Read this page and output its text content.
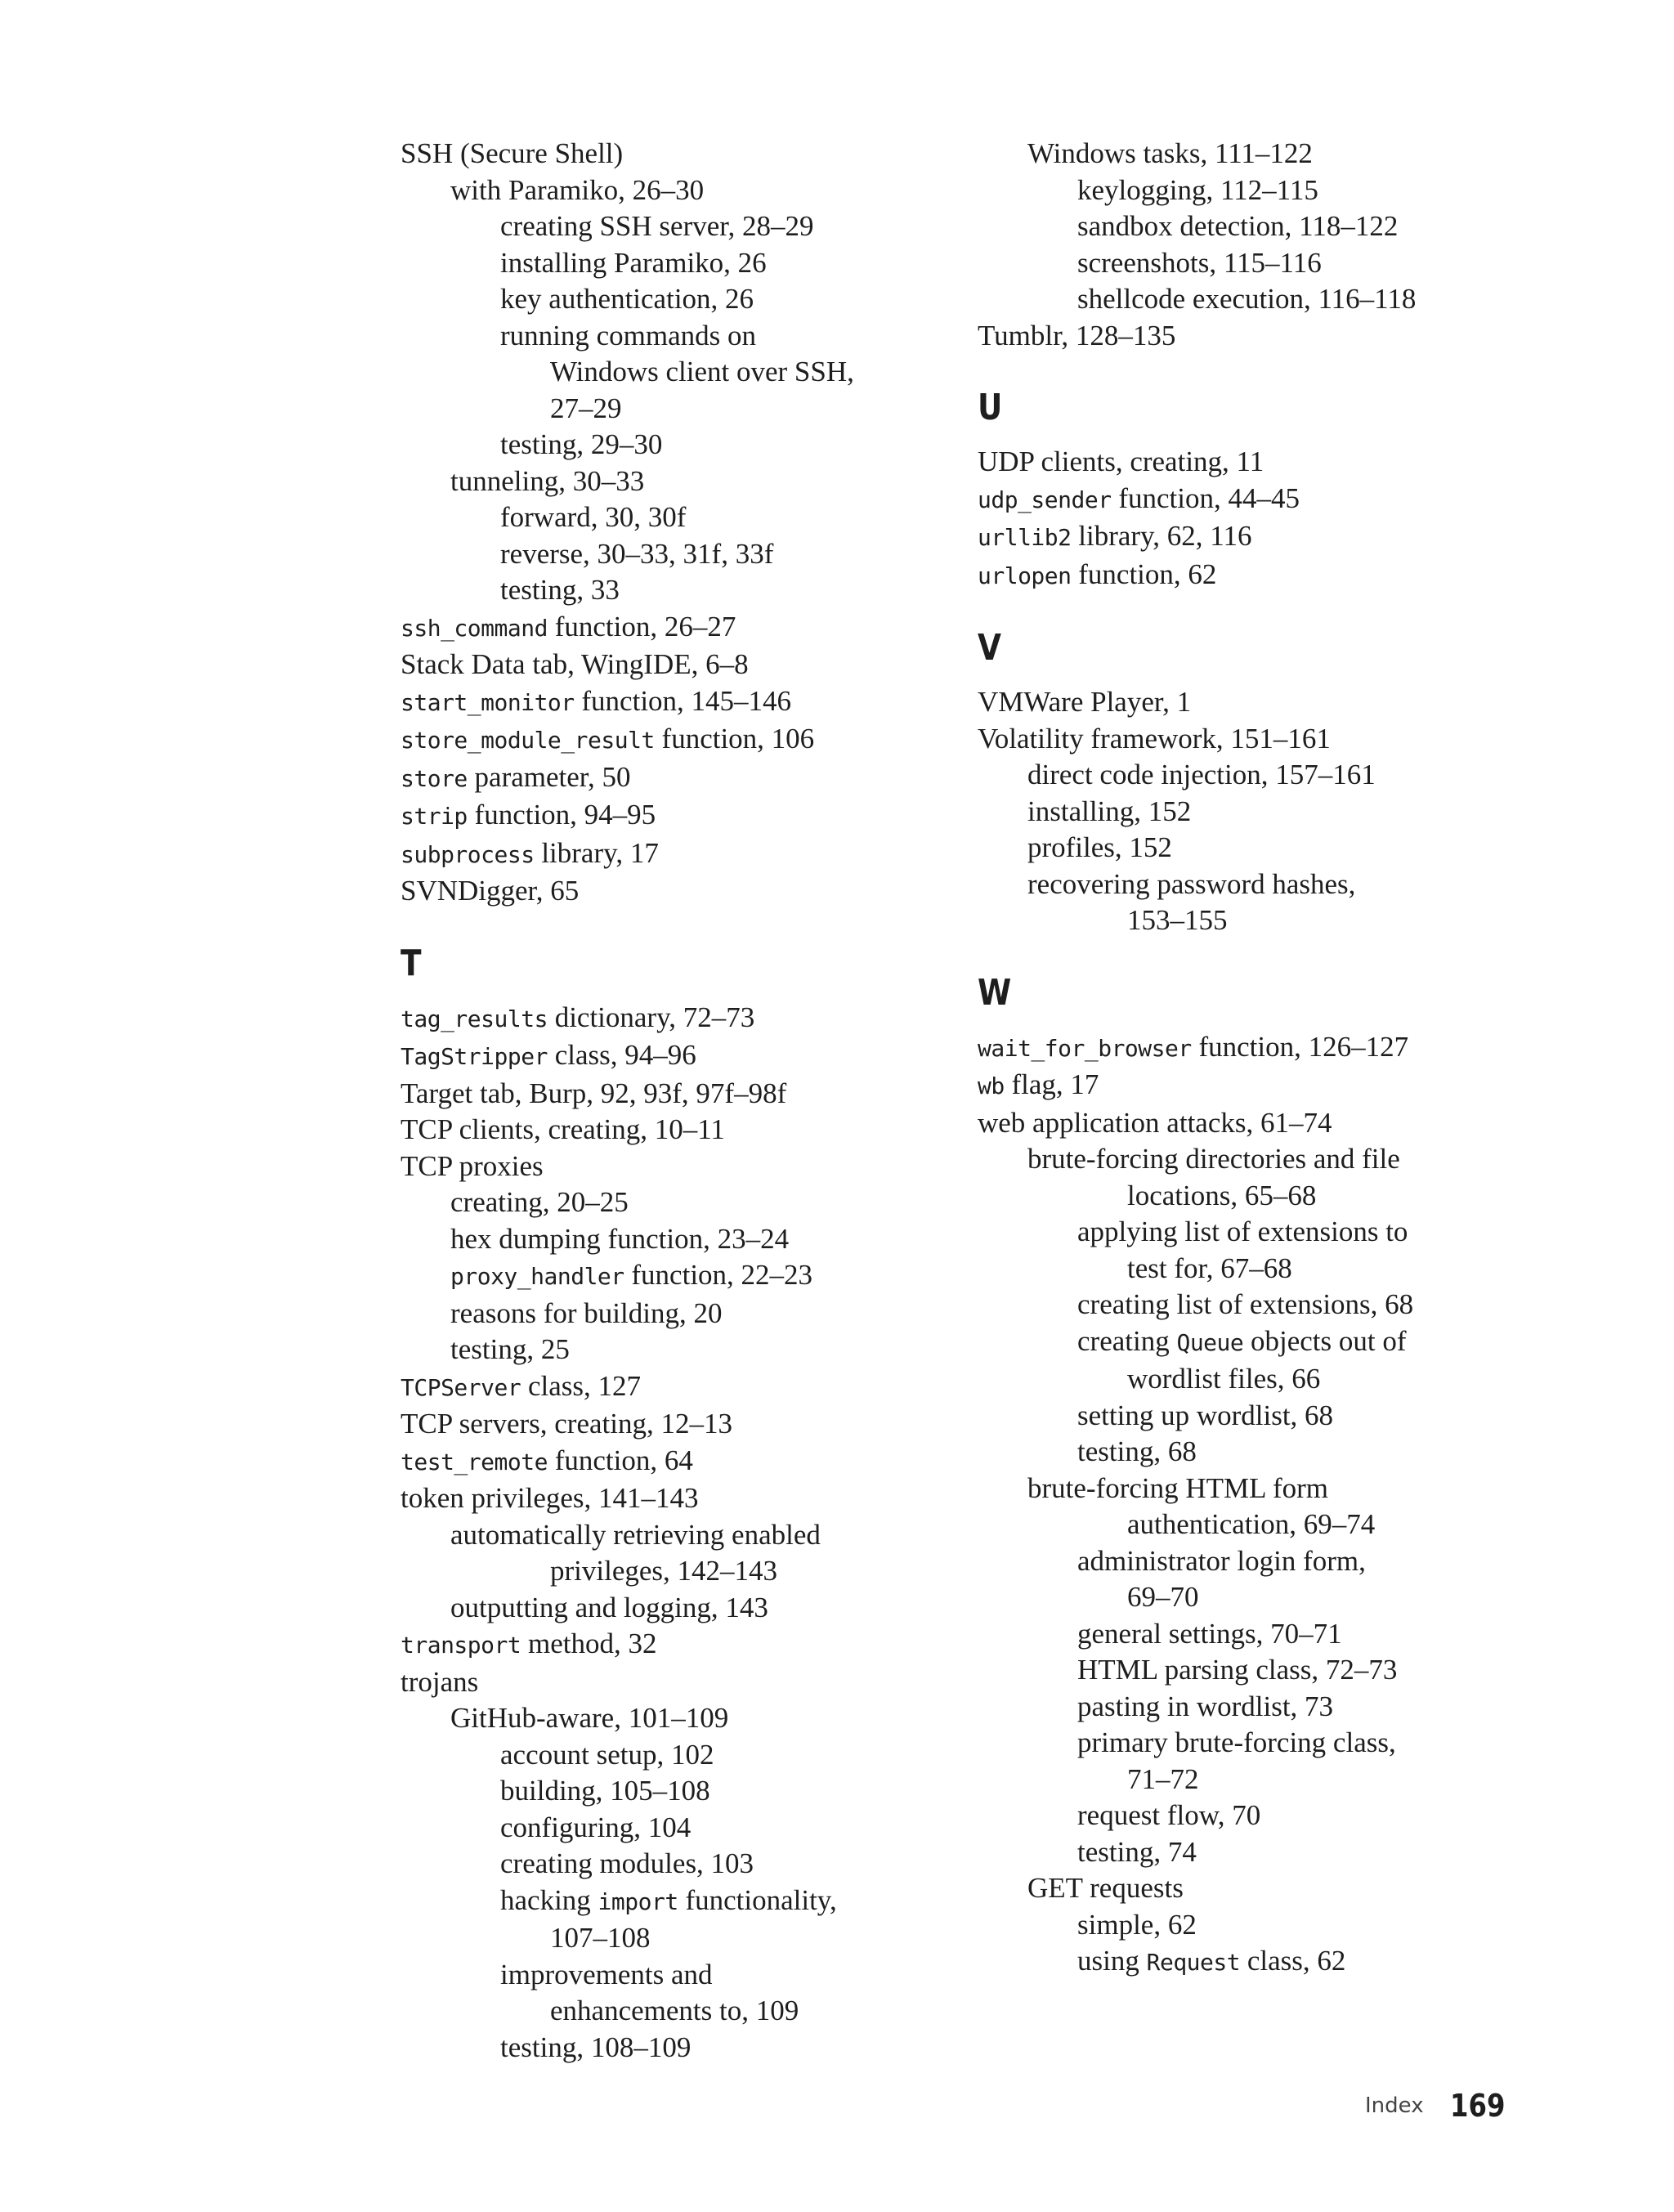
SSH (Secure Shell)
with Paramiko, 26–30
creating SSH server, 28–29
installing Paramiko, 26
key authentication, 26
running commands on
Windows client over SSH,
27–29
testing, 29–30
tunneling, 30–33
forward, 30, 30f
reverse, 30–33, 31f, 33f
testing, 33
ssh_command function, 26–27
Stack Data tab, WingIDE, 6–8
start_monitor function, 145–146
store_module_result function, 106
store parameter, 50
strip function, 94–95
subprocess library, 17
SVNDigger, 65
T
tag_results dictionary, 72–73
TagStripper class, 94–96
Target tab, Burp, 92, 93f, 97f–98f
TCP clients, creating, 10–11
TCP proxies
creating, 20–25
hex dumping function, 23–24
proxy_handler function, 22–23
reasons for building, 20
testing, 25
TCPServer class, 127
TCP servers, creating, 12–13
test_remote function, 64
token privileges, 141–143
automatically retrieving enabled
privileges, 142–143
outputting and logging, 143
transport method, 32
trojans
GitHub-aware, 101–109
account setup, 102
building, 105–108
configuring, 104
creating modules, 103
hacking import functionality,
107–108
improvements and
enhancements to, 109
testing, 108–109
Windows tasks, 111–122
keylogging, 112–115
sandbox detection, 118–122
screenshots, 115–116
shellcode execution, 116–118
Tumblr, 128–135
U
UDP clients, creating, 11
udp_sender function, 44–45
urllib2 library, 62, 116
urlopen function, 62
V
VMWare Player, 1
Volatility framework, 151–161
direct code injection, 157–161
installing, 152
profiles, 152
recovering password hashes,
153–155
W
wait_for_browser function, 126–127
wb flag, 17
web application attacks, 61–74
brute-forcing directories and file
locations, 65–68
applying list of extensions to
test for, 67–68
creating list of extensions, 68
creating Queue objects out of
wordlist files, 66
setting up wordlist, 68
testing, 68
brute-forcing HTML form
authentication, 69–74
administrator login form,
69–70
general settings, 70–71
HTML parsing class, 72–73
pasting in wordlist, 73
primary brute-forcing class,
71–72
request flow, 70
testing, 74
GET requests
simple, 62
using Request class, 62
Index 169
